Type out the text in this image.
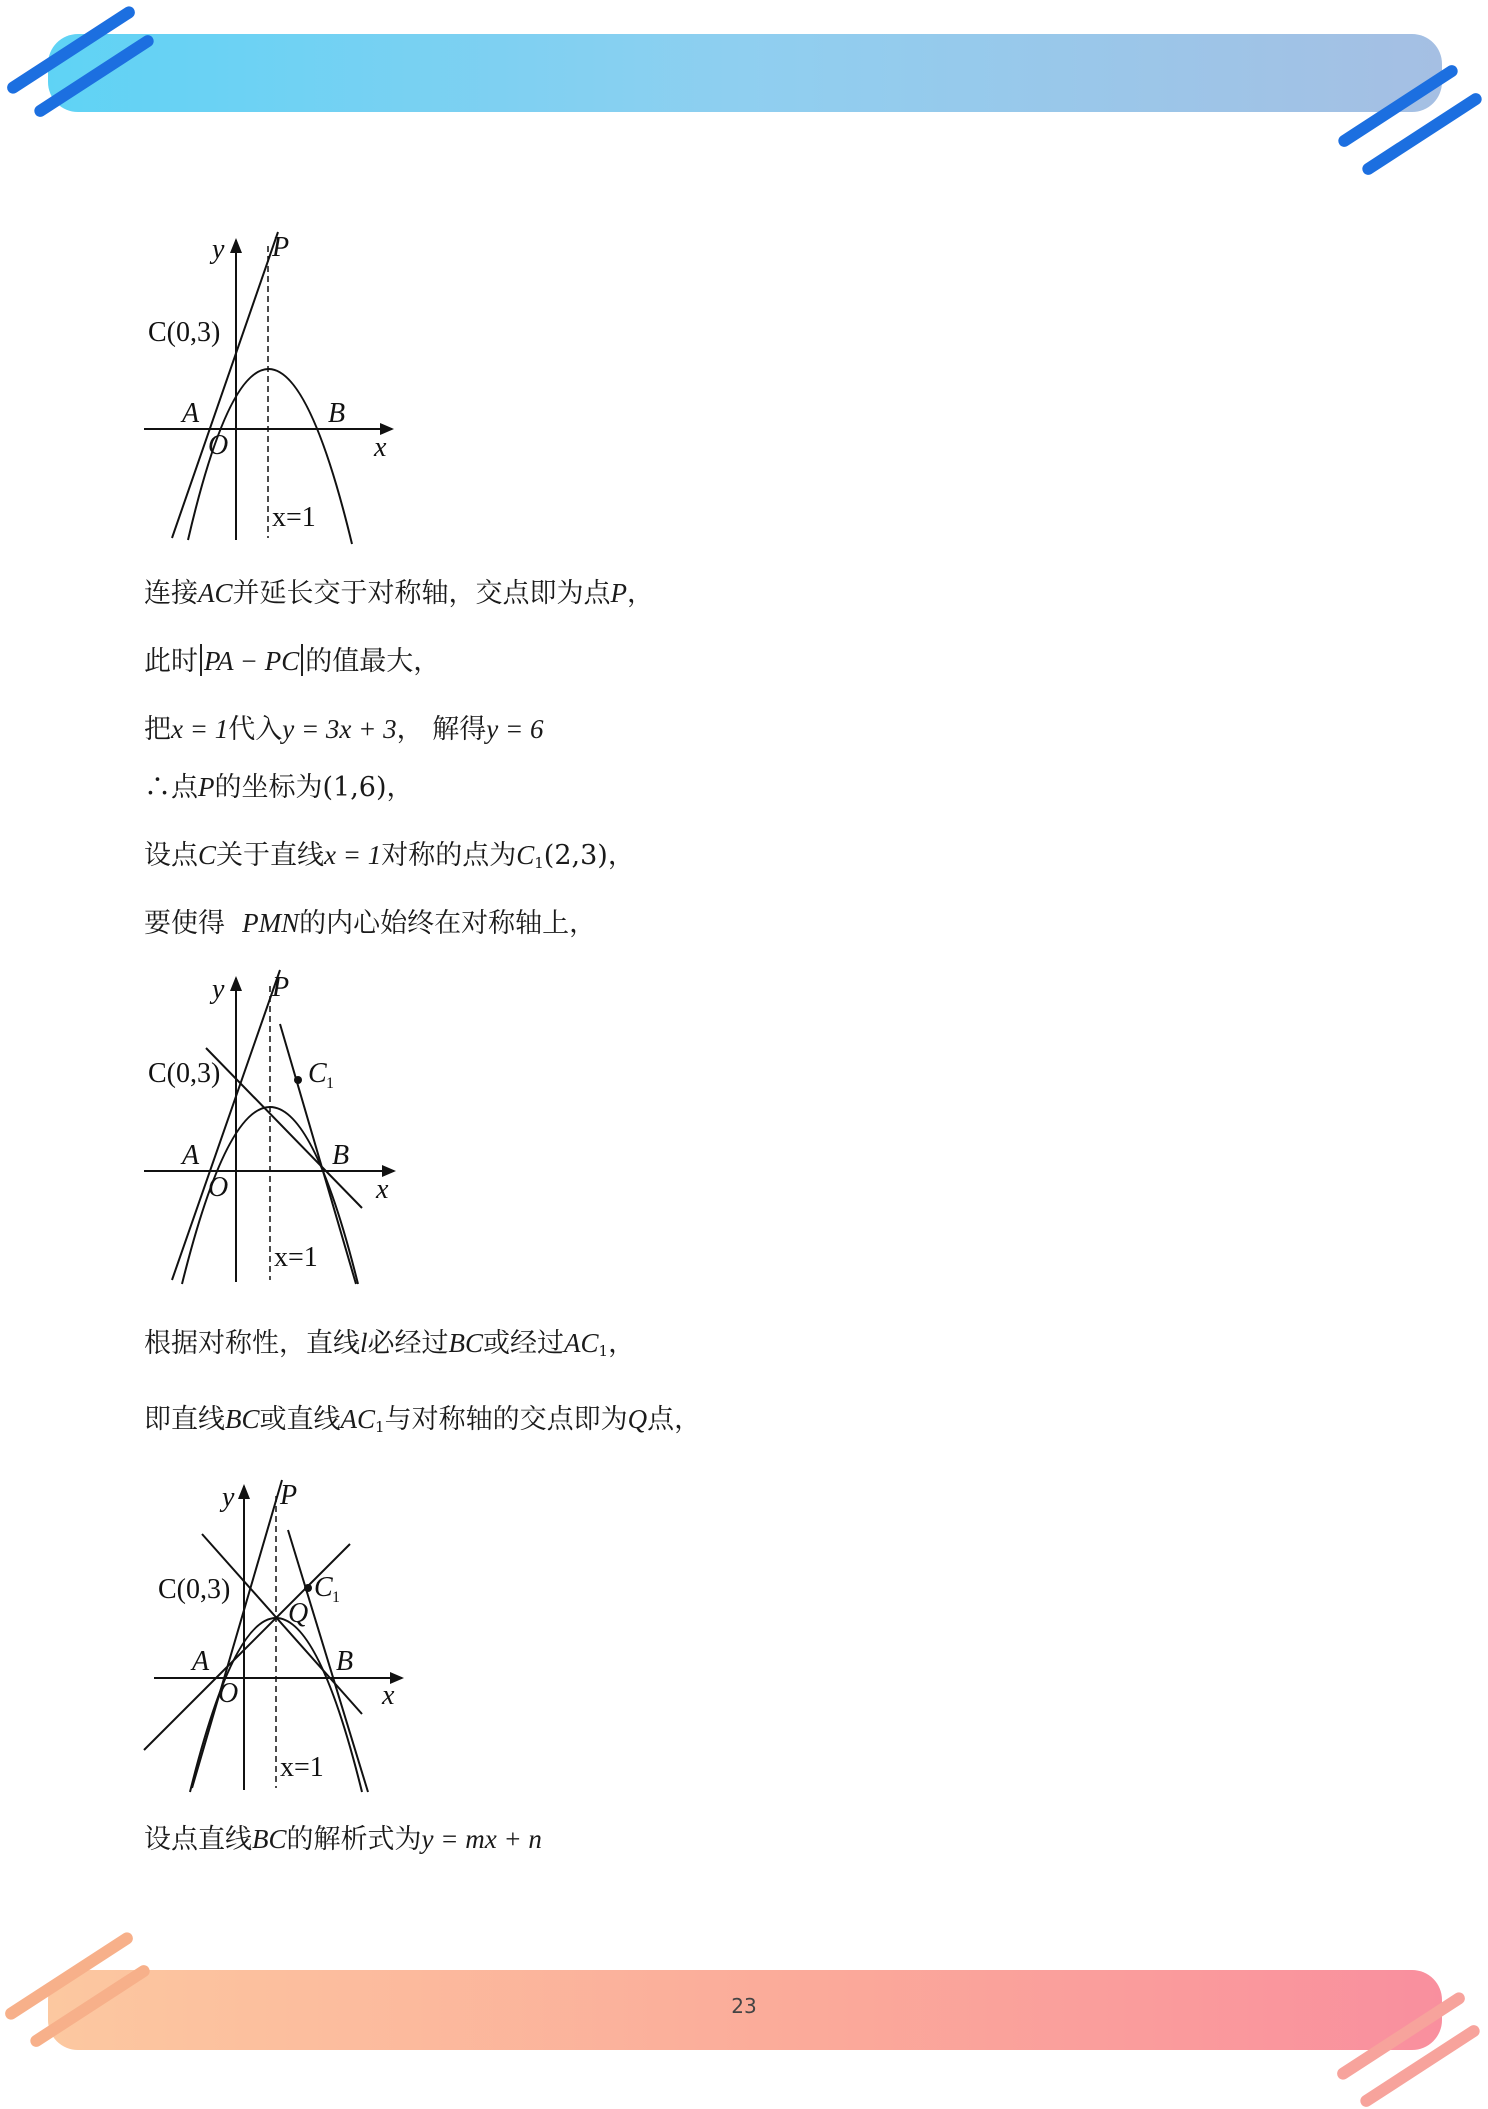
23
y P
C(0,3)
A
O
B
x
x=1
连接AC并延长交于对称轴，交点即为点P，
此时 PA − PC 的值最大，
把x = 1代入y = 3x + 3， 解得y = 6
∴点P的坐标为(1,6)，
设点C关于直线x = 1对称的点为$C_1(2,3)$，
要使得 PMN的内心始终在对称轴上，
y P
C(0,3)	C 1
A
O
B
x
x=1
根据对称性，直线l必经过BC或经过$AC_1$，
即直线BC或直线$AC_1$与对称轴的交点即为Q点，
y P
C(0,3)	C 1
Q
A
O
B
x
x=1
设点直线BC的解析式为y = mx + n
